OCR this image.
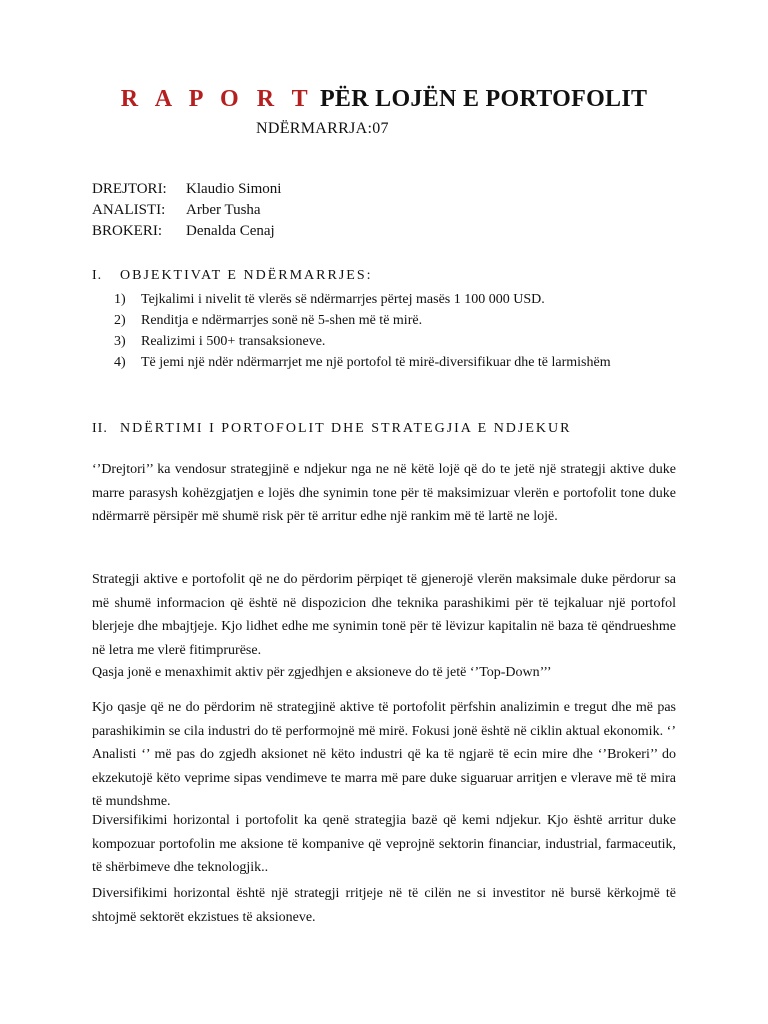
R A P O R T PËR LOJËN E PORTOFOLIT
NDËRMARRJA:07
DREJTORI:	Klaudio Simoni
ANALISTI:	Arber Tusha
BROKERI:	Denalda Cenaj
I. OBJEKTIVAT E NDËRMARRJES:
1)	Tejkalimi i nivelit të vlerës së ndërmarrjes përtej masës 1 100 000 USD.
2)	Renditja e ndërmarrjes sonë në 5-shen më të mirë.
3)	Realizimi i 500+ transaksioneve.
4)	Të jemi një ndër ndërmarrjet me një portofol të mirë-diversifikuar dhe të larmishëm
II. NDËRTIMI I PORTOFOLIT DHE STRATEGJIA E NDJEKUR

‘’Drejtori’’ ka vendosur strategjinë e ndjekur nga ne në këtë lojë që do te jetë një strategji aktive duke marre parasysh kohëzgjatjen e lojës dhe synimin tone për të maksimizuar vlerën e portofolit tone duke ndërmarrë përsipër më shumë risk për të arritur edhe një rankim më të lartë ne lojë.

Strategji aktive e portofolit që ne do përdorim përpiqet të gjenerojë vlerën maksimale duke përdorur sa më shumë informacion që është në dispozicion dhe teknika parashikimi për të tejkaluar një portofol blerjeje dhe mbajtjeje. Kjo lidhet edhe me synimin tonë për të lëvizur kapitalin në baza të qëndrueshme në letra me vlerë fitimprurëse.

Qasja jonë e menaxhimit aktiv për zgjedhjen e aksioneve do të jetë ‘’Top-Down’’’

Kjo qasje që ne do përdorim në strategjinë aktive të portofolit përfshin analizimin e tregut dhe më pas parashikimin se cila industri do të performojnë më mirë. Fokusi jonë është në ciklin aktual ekonomik. ‘’ Analisti ‘’ më pas do zgjedh aksionet në këto industri që ka të ngjarë të ecin mire dhe ‘’Brokeri’’ do ekzekutojë këto veprime sipas vendimeve te marra më pare duke siguaruar arritjen e vlerave më të mira të mundshme.

Diversifikimi horizontal i portofolit ka qenë strategjia bazë që kemi ndjekur. Kjo është arritur duke kompozuar portofolin me aksione të kompanive që veprojnë sektorin financiar, industrial, farmaceutik, të shërbimeve dhe teknologjik..

Diversifikimi horizontal është një strategji rritjeje në të cilën ne si investitor në bursë kërkojmë të shtojmë sektorët ekzistues të aksioneve.
